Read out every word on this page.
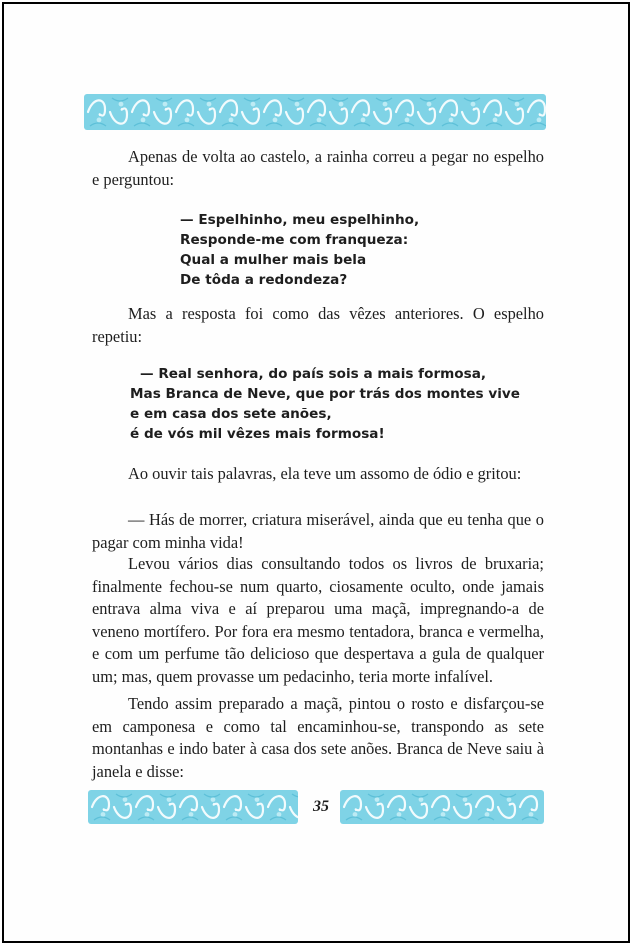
Apenas de volta ao castelo, a rainha correu a pegar no espelho e perguntou:
— Espelhinho, meu espelhinho,
Responde-me com franqueza:
Qual a mulher mais bela
De tôda a redondeza?
Mas a resposta foi como das vêzes anteriores. O espelho repetiu:
— Real senhora, do país sois a mais formosa,
Mas Branca de Neve, que por trás dos montes vive
e em casa dos sete anões,
é de vós mil vêzes mais formosa!
Ao ouvir tais palavras, ela teve um assomo de ódio e gritou:
— Hás de morrer, criatura miserável, ainda que eu tenha que o pagar com minha vida!
Levou vários dias consultando todos os livros de bruxaria; finalmente fechou-se num quarto, ciosamente oculto, onde jamais entrava alma viva e aí preparou uma maçã, impregnando-a de veneno mortífero. Por fora era mesmo tentadora, branca e vermelha, e com um perfume tão delicioso que despertava a gula de qualquer um; mas, quem provasse um pedacinho, teria morte infalível.
Tendo assim preparado a maçã, pintou o rosto e disfarçou-se em camponesa e como tal encaminhou-se, transpondo as sete montanhas e indo bater à casa dos sete anões. Branca de Neve saiu à janela e disse:
35
